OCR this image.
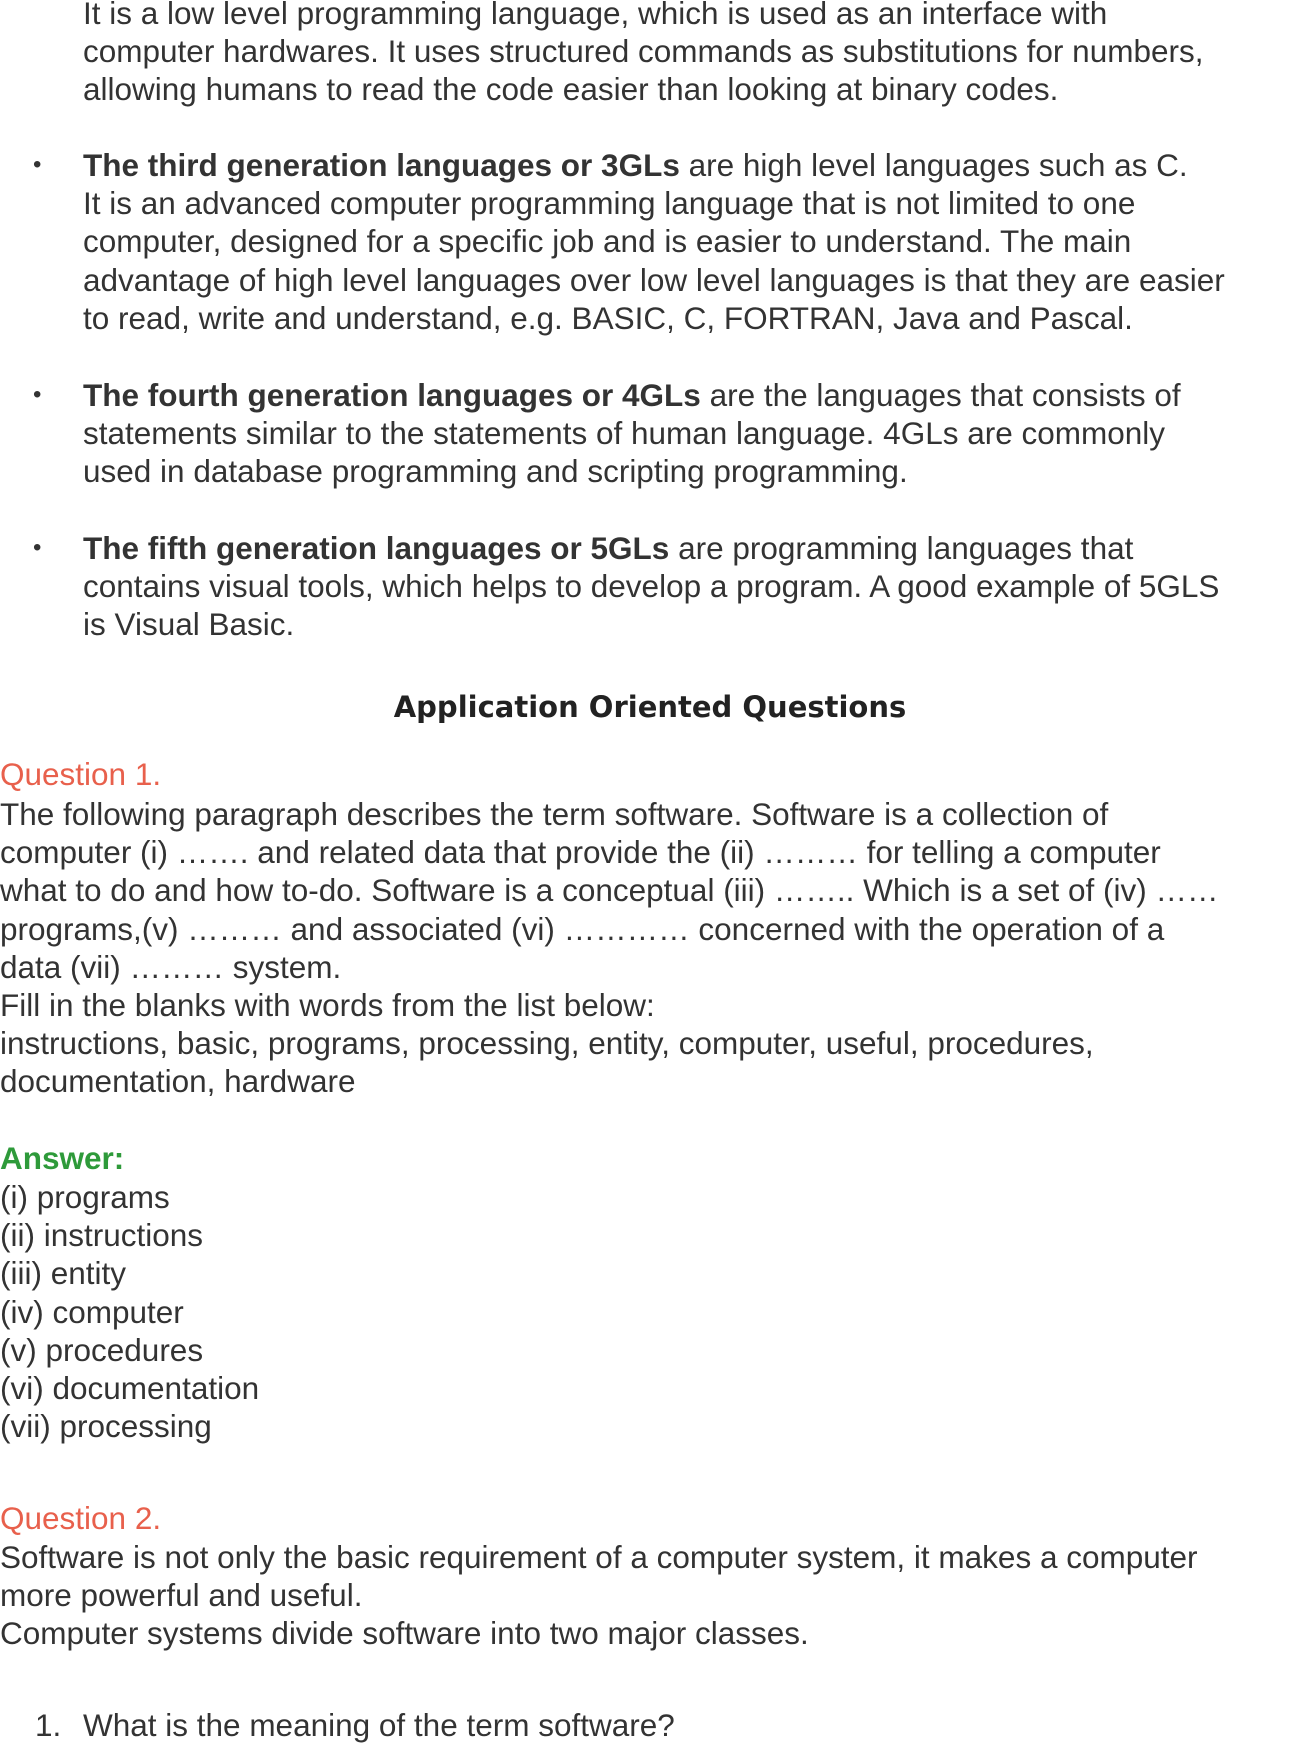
It is a low level programming language, which is used as an interface with
computer hardwares. It uses structured commands as substitutions for numbers,
allowing humans to read the code easier than looking at binary codes.
• The third generation languages or 3GLs are high level languages such as C.
It is an advanced computer programming language that is not limited to one
computer, designed for a specific job and is easier to understand. The main
advantage of high level languages over low level languages is that they are easier
to read, write and understand, e.g. BASIC, C, FORTRAN, Java and Pascal.
• The fourth generation languages or 4GLs are the languages that consists of
statements similar to the statements of human language. 4GLs are commonly
used in database programming and scripting programming.
• The fifth generation languages or 5GLs are programming languages that
contains visual tools, which helps to develop a program. A good example of 5GLS
is Visual Basic.
Application Oriented Questions
Question 1.
The following paragraph describes the term software. Software is a collection of
computer (i) ……. and related data that provide the (ii) ……… for telling a computer
what to do and how to-do. Software is a conceptual (iii) …….. Which is a set of (iv) ……
programs,(v) ……… and associated (vi) ………… concerned with the operation of a
data (vii) ……… system.
Fill in the blanks with words from the list below:
instructions, basic, programs, processing, entity, computer, useful, procedures,
documentation, hardware
Answer:
(i) programs
(ii) instructions
(iii) entity
(iv) computer
(v) procedures
(vi) documentation
(vii) processing
Question 2.
Software is not only the basic requirement of a computer system, it makes a computer
more powerful and useful.
Computer systems divide software into two major classes.
1. What is the meaning of the term software?
